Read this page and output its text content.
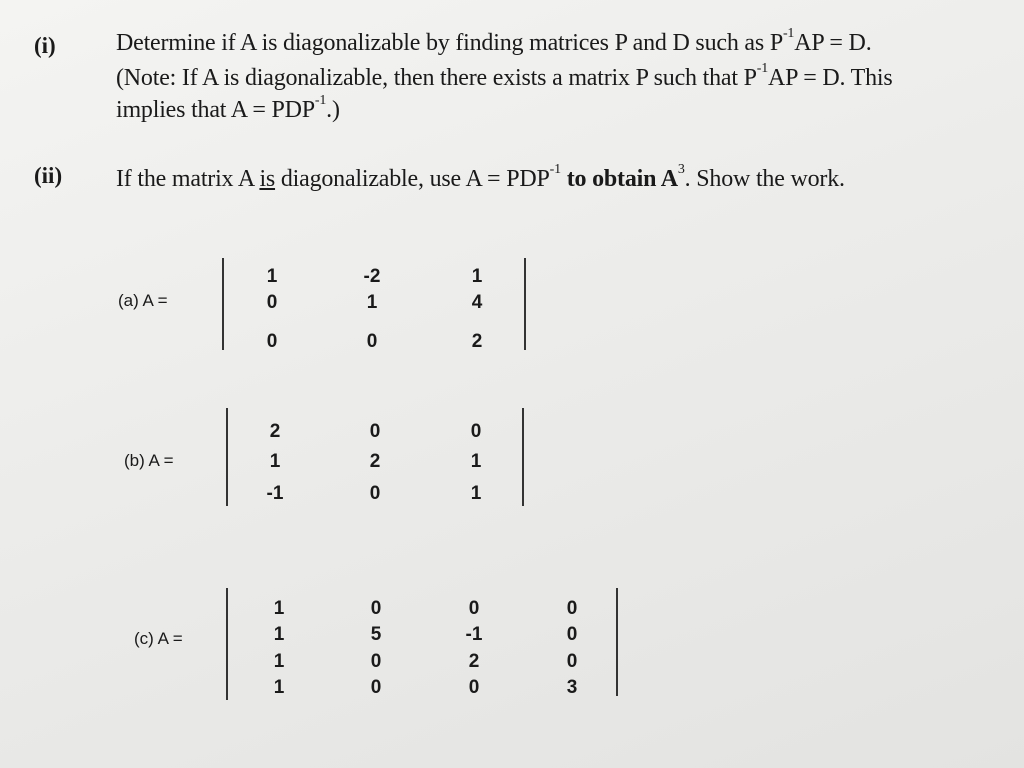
(i)	Determine if A is diagonalizable by finding matrices P and D such as $P^{-1}AP = D$.
(Note: If A is diagonalizable, then there exists a matrix P such that $P^{-1}AP = D$. This
implies that $A = PDP^{-1}$.)
(ii) If the matrix A is diagonalizable, use $A = PDP^{-1}$ to obtain $A^3$. Show the work.
(a) A =
1	-2	1
0	1	4
0	0	2
(b) A =
2	0	0
1	2	1
-1	0	1
(c) A =
1	0	0	0
1	5	-1	0
1	0	2	0
1	0	0	3
